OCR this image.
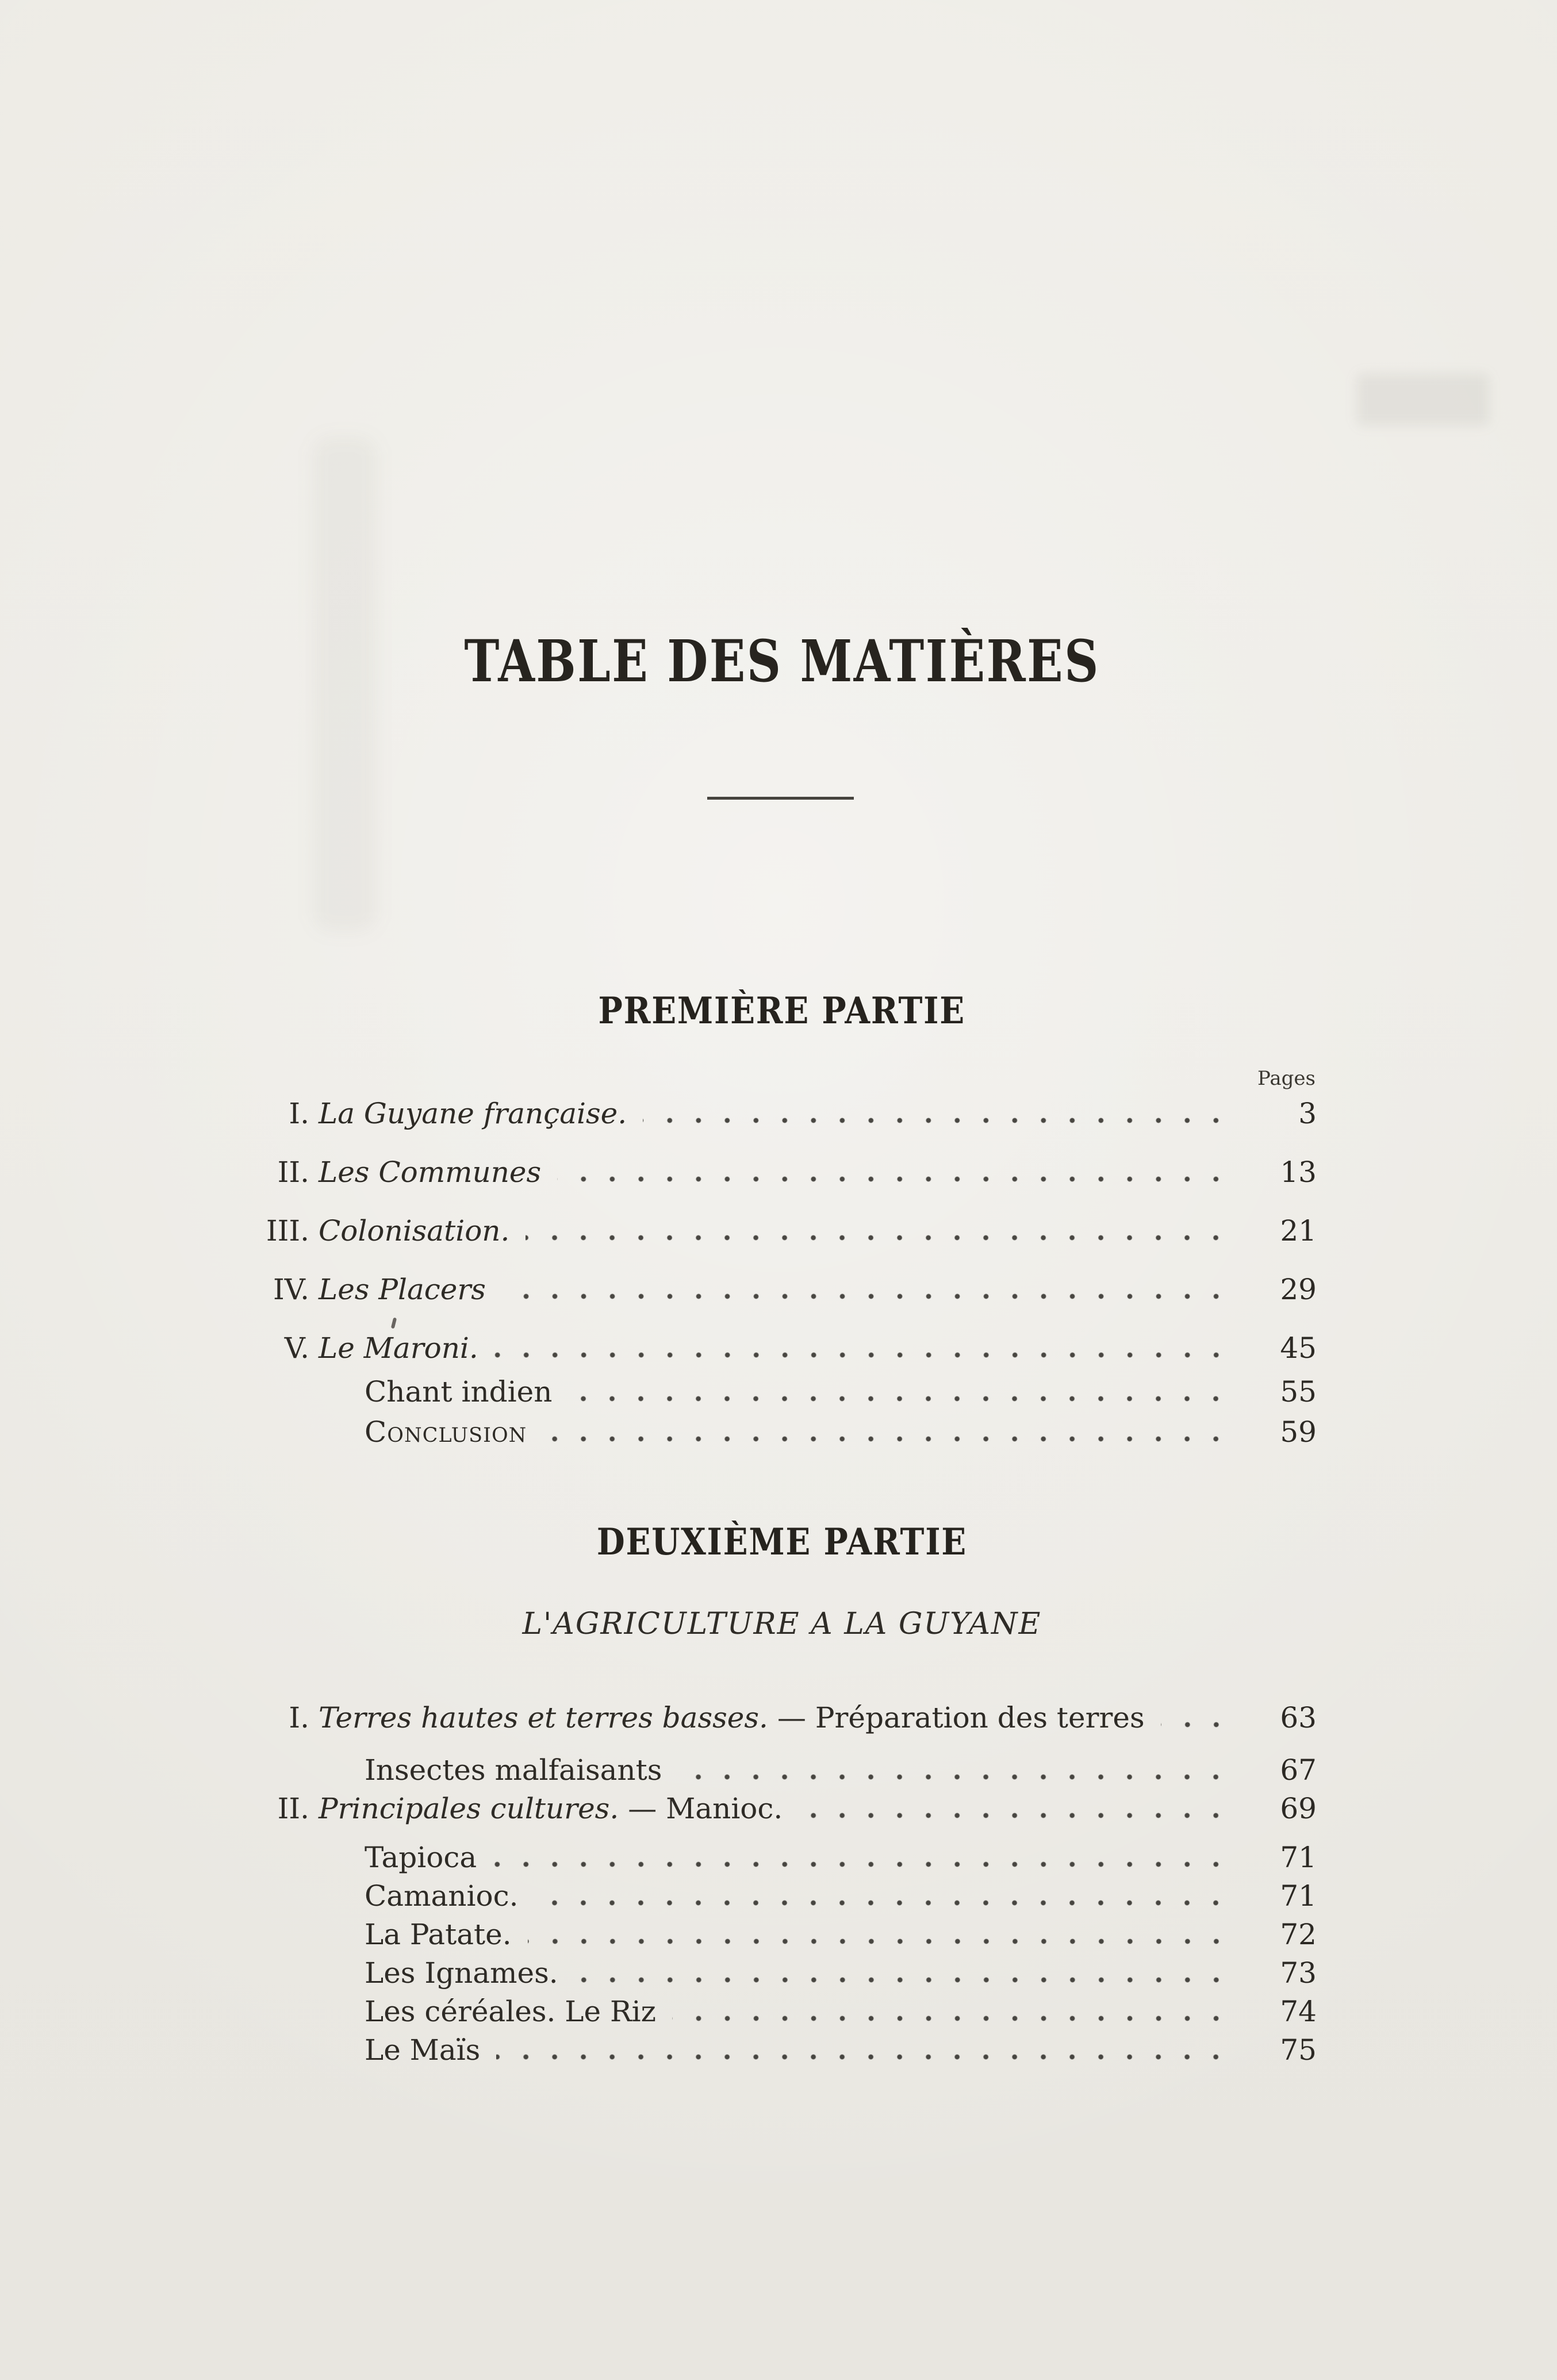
TABLE DES MATIÈRES
PREMIÈRE PARTIE
Pages
I. La Guyane française.	3
II. Les Communes	13
III. Colonisation.	21
IV. Les Placers	29
V. Le Maroni.	45
Chant indien	55
Conclusion	59
DEUXIÈME PARTIE
L'AGRICULTURE A LA GUYANE
I. Terres hautes et terres basses. — Préparation des terres	63
Insectes malfaisants	67
II. Principales cultures. — Manioc.	69
Tapioca	71
Camanioc.	71
La Patate.	72
Les Ignames.	73
Les céréales. Le Riz	74
Le Maïs	75
